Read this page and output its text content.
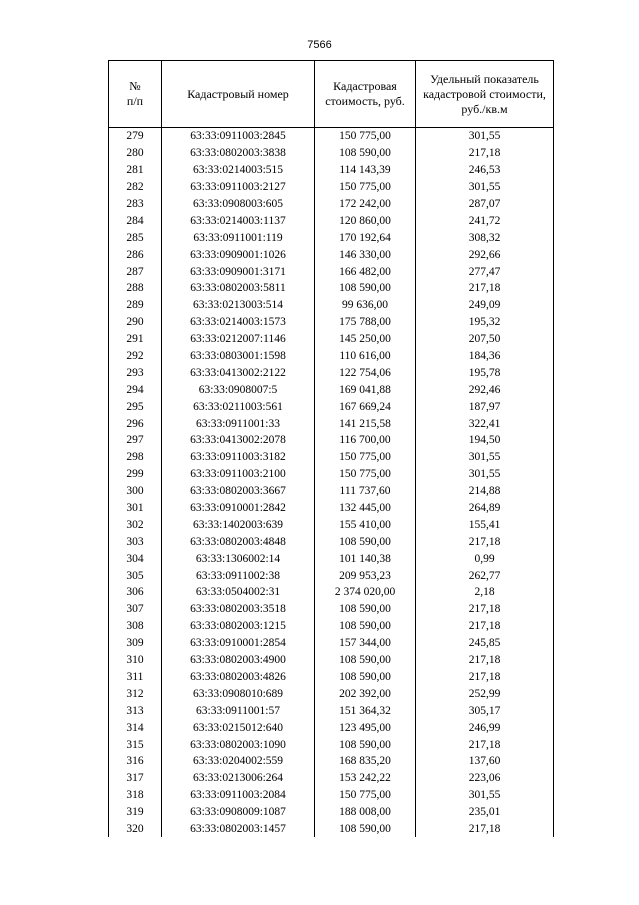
7566
№
п/п	Кадастровый номер	Кадастровая стоимость, руб.	Удельный показатель кадастровой стоимости, руб./кв.м
279	63:33:0911003:2845	150 775,00	301,55
280	63:33:0802003:3838	108 590,00	217,18
281	63:33:0214003:515	114 143,39	246,53
282	63:33:0911003:2127	150 775,00	301,55
283	63:33:0908003:605	172 242,00	287,07
284	63:33:0214003:1137	120 860,00	241,72
285	63:33:0911001:119	170 192,64	308,32
286	63:33:0909001:1026	146 330,00	292,66
287	63:33:0909001:3171	166 482,00	277,47
288	63:33:0802003:5811	108 590,00	217,18
289	63:33:0213003:514	99 636,00	249,09
290	63:33:0214003:1573	175 788,00	195,32
291	63:33:0212007:1146	145 250,00	207,50
292	63:33:0803001:1598	110 616,00	184,36
293	63:33:0413002:2122	122 754,06	195,78
294	63:33:0908007:5	169 041,88	292,46
295	63:33:0211003:561	167 669,24	187,97
296	63:33:0911001:33	141 215,58	322,41
297	63:33:0413002:2078	116 700,00	194,50
298	63:33:0911003:3182	150 775,00	301,55
299	63:33:0911003:2100	150 775,00	301,55
300	63:33:0802003:3667	111 737,60	214,88
301	63:33:0910001:2842	132 445,00	264,89
302	63:33:1402003:639	155 410,00	155,41
303	63:33:0802003:4848	108 590,00	217,18
304	63:33:1306002:14	101 140,38	0,99
305	63:33:0911002:38	209 953,23	262,77
306	63:33:0504002:31	2 374 020,00	2,18
307	63:33:0802003:3518	108 590,00	217,18
308	63:33:0802003:1215	108 590,00	217,18
309	63:33:0910001:2854	157 344,00	245,85
310	63:33:0802003:4900	108 590,00	217,18
311	63:33:0802003:4826	108 590,00	217,18
312	63:33:0908010:689	202 392,00	252,99
313	63:33:0911001:57	151 364,32	305,17
314	63:33:0215012:640	123 495,00	246,99
315	63:33:0802003:1090	108 590,00	217,18
316	63:33:0204002:559	168 835,20	137,60
317	63:33:0213006:264	153 242,22	223,06
318	63:33:0911003:2084	150 775,00	301,55
319	63:33:0908009:1087	188 008,00	235,01
320	63:33:0802003:1457	108 590,00	217,18
